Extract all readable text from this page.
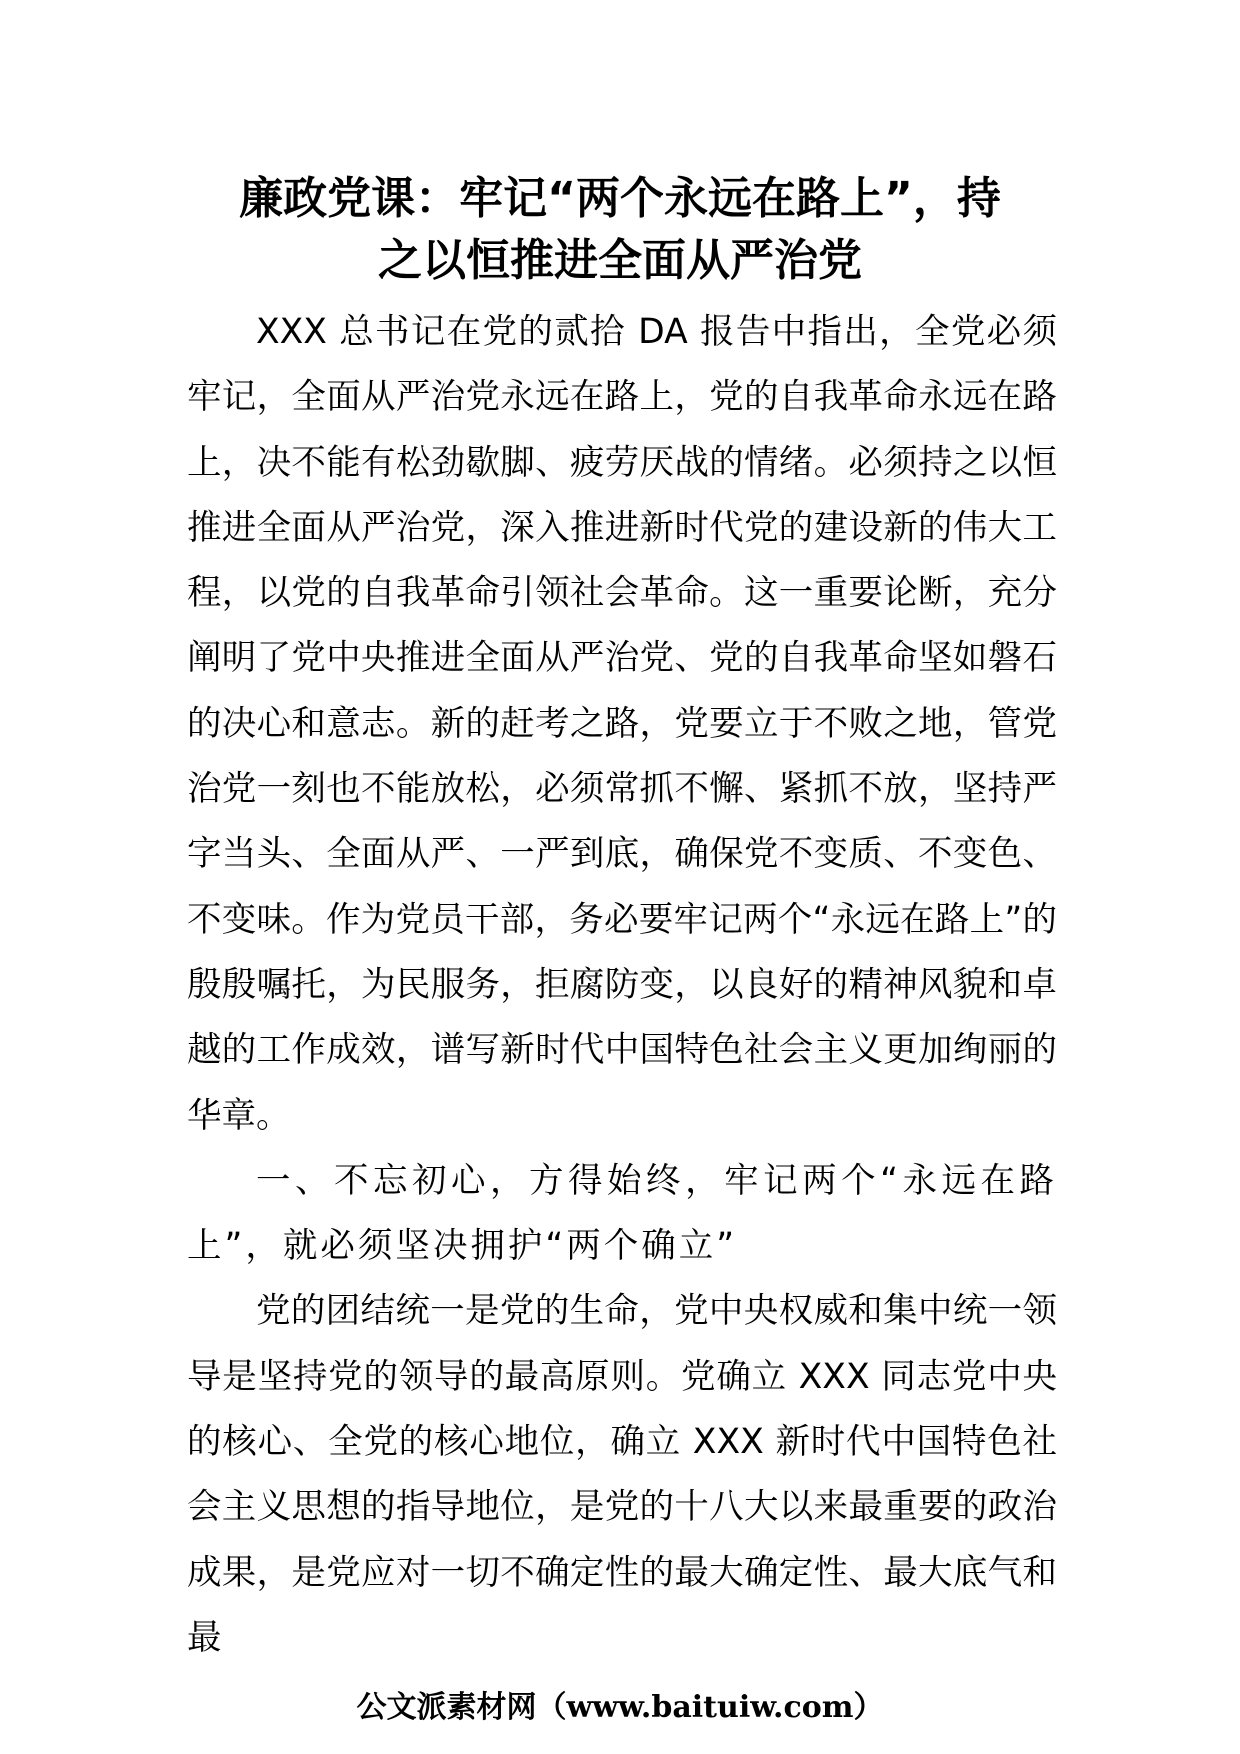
廉政党课：牢记“两个永远在路上”，持
之以恒推进全面从严治党

XXX 总书记在党的贰拾 DA 报告中指出，全党必须牢记，全面从严治党永远在路上，党的自我革命永远在路上，决不能有松劲歇脚、疲劳厌战的情绪。必须持之以恒推进全面从严治党，深入推进新时代党的建设新的伟大工程，以党的自我革命引领社会革命。这一重要论断，充分阐明了党中央推进全面从严治党、党的自我革命坚如磐石的决心和意志。新的赶考之路，党要立于不败之地，管党治党一刻也不能放松，必须常抓不懈、紧抓不放，坚持严字当头、全面从严、一严到底，确保党不变质、不变色、不变味。作为党员干部，务必要牢记两个“永远在路上”的殷殷嘱托，为民服务，拒腐防变，以良好的精神风貌和卓越的工作成效，谱写新时代中国特色社会主义更加绚丽的华章。

一、不忘初心，方得始终，牢记两个“永远在路上”，就必须坚决拥护“两个确立”

党的团结统一是党的生命，党中央权威和集中统一领导是坚持党的领导的最高原则。党确立 XXX 同志党中央的核心、全党的核心地位，确立 XXX 新时代中国特色社会主义思想的指导地位，是党的十八大以来最重要的政治成果，是党应对一切不确定性的最大确定性、最大底气和最

公文派素材网（www.baituiw.com）
